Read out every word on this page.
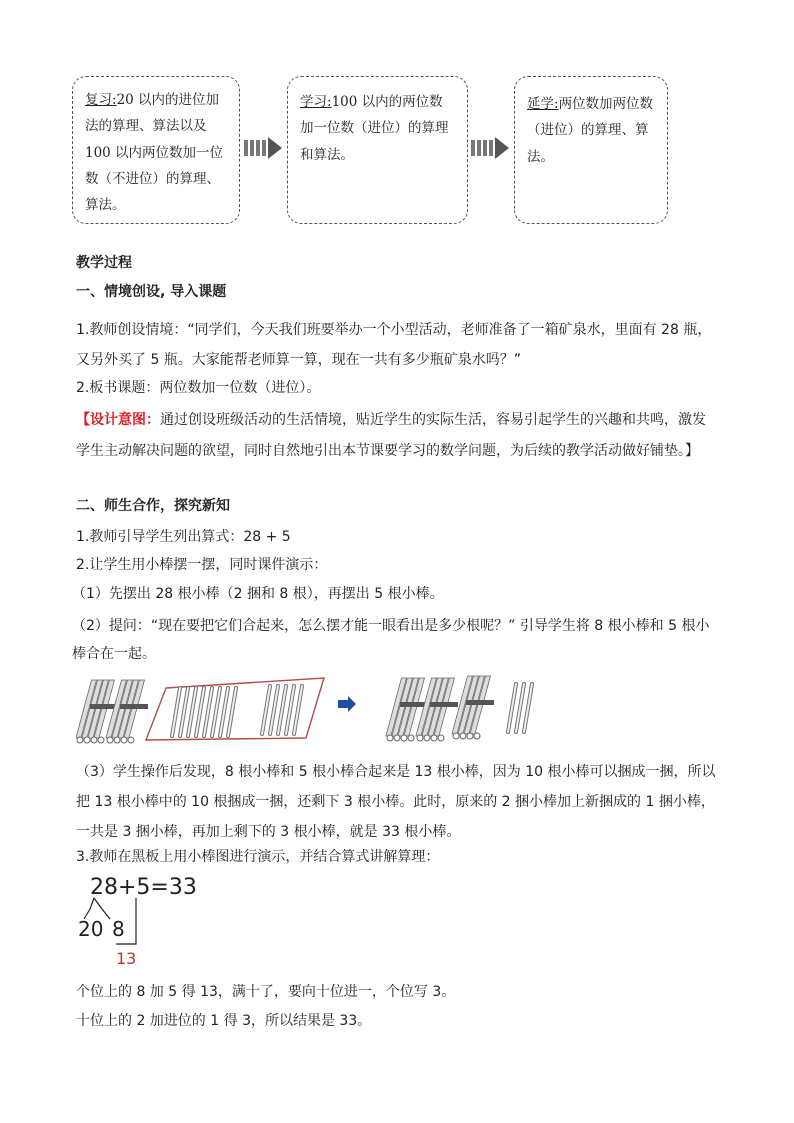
复习:20 以内的进位加法的算理、算法以及 100 以内两位数加一位数（不进位）的算理、算法。
学习:100 以内的两位数加一位数（进位）的算理和算法。
延学:两位数加两位数（进位）的算理、算法。
教学过程
一、情境创设, 导入课题
1.教师创设情境：“同学们，今天我们班要举办一个小型活动，老师准备了一箱矿泉水，里面有 28 瓶，又另外买了 5 瓶。大家能帮老师算一算，现在一共有多少瓶矿泉水吗？”
2.板书课题：两位数加一位数（进位）。
【设计意图：通过创设班级活动的生活情境，贴近学生的实际生活，容易引起学生的兴趣和共鸣，激发学生主动解决问题的欲望，同时自然地引出本节课要学习的数学问题，为后续的教学活动做好铺垫。】
二、师生合作，探究新知
1.教师引导学生列出算式：28 + 5
2.让学生用小棒摆一摆，同时课件演示：
（1）先摆出 28 根小棒（2 捆和 8 根），再摆出 5 根小棒。
（2）提问：“现在要把它们合起来，怎么摆才能一眼看出是多少根呢？” 引导学生将 8 根小棒和 5 根小棒合在一起。
（3）学生操作后发现，8 根小棒和 5 根小棒合起来是 13 根小棒，因为 10 根小棒可以捆成一捆，所以把 13 根小棒中的 10 根捆成一捆，还剩下 3 根小棒。此时，原来的 2 捆小棒加上新捆成的 1 捆小棒，一共是 3 捆小棒，再加上剩下的 3 根小棒，就是 33 根小棒。
3.教师在黑板上用小棒图进行演示，并结合算式讲解算理：
28+5=33
20 8
13
个位上的 8 加 5 得 13，满十了，要向十位进一，个位写 3。
十位上的 2 加进位的 1 得 3，所以结果是 33。
